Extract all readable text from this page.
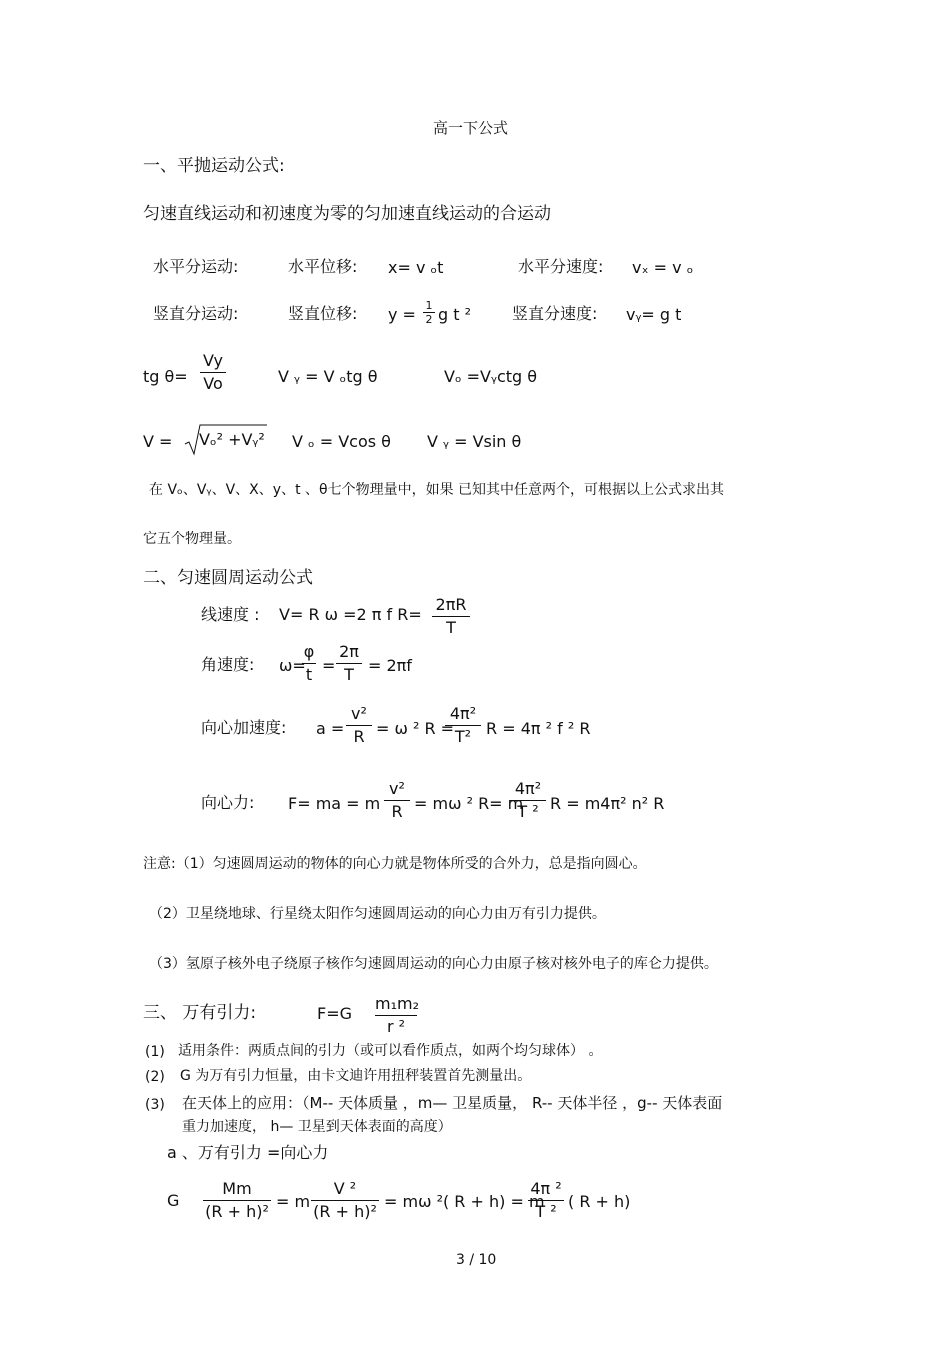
高一下公式
一、平抛运动公式:
匀速直线运动和初速度为零的匀加速直线运动的合运动
水平分运动:	水平位移: x= v ₒt	水平分速度: vₓ = v ₒ
竖直分运动:	竖直位移: y = 1
2 g t ²	竖直分速度: vᵧ= g t
tg θ=
Vy
Vo	V ᵧ = V ₒtg θ	Vₒ =Vᵧctg θ
V = Vₒ² +Vᵧ² V ₒ = Vcos θ V ᵧ = Vsin θ
在 Vₒ、Vᵧ、V、X、y、t 、θ七个物理量中，如果 已知其中任意两个，可根据以上公式求出其
它五个物理量。
二、匀速圆周运动公式
线速度 : V= R ω =2 π f R=
2πR
T
角速度: ω=
φ
t =
2π
T = 2πf
向心加速度: a =
v²
R = ω ² R =
4π²
T² R = 4π ² f ² R
向心力: F= ma = m
v²
R = mω ² R= m
4π²
T ² R = m4π² n² R
注意:（1）匀速圆周运动的物体的向心力就是物体所受的合外力，总是指向圆心。
（2）卫星绕地球、行星绕太阳作匀速圆周运动的向心力由万有引力提供。
（3）氢原子核外电子绕原子核作匀速圆周运动的向心力由原子核对核外电子的库仑力提供。
三、 万有引力:	F=G
m₁m₂
r ²
(1) 适用条件：两质点间的引力（或可以看作质点，如两个均匀球体） 。
(2) G 为万有引力恒量，由卡文迪许用扭秤装置首先测量出。
(3) 在天体上的应用：（M-- 天体质量 ，m— 卫星质量， R-- 天体半径 ，g-- 天体表面
重力加速度， h— 卫星到天体表面的高度）
a 、万有引力 =向心力
G
Mm
(R + h)²
= m
V ²
(R + h)²
= mω ²( R + h) = m
4π ²
T ²
( R + h)
3 / 10
